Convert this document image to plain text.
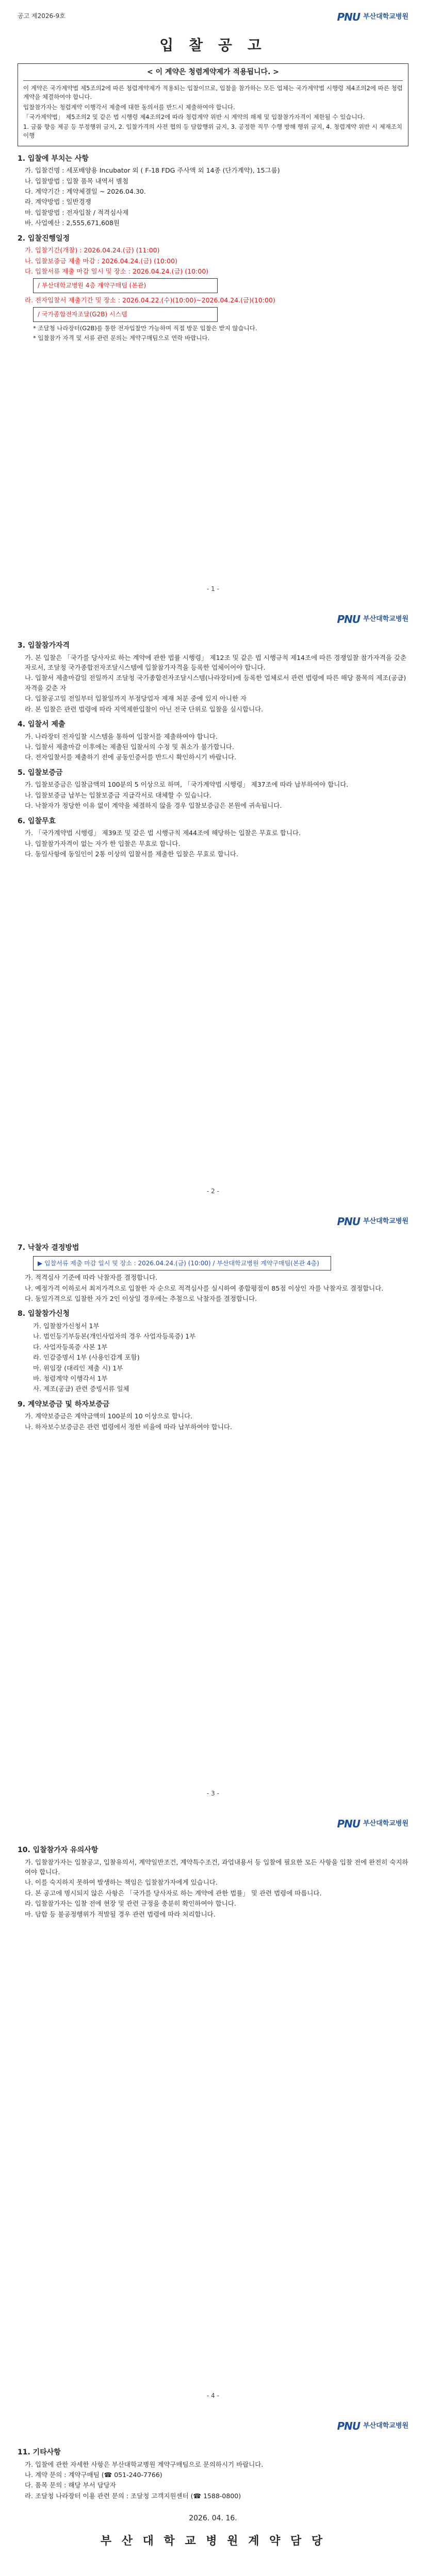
공고 제2026-9호	PNU 부산대학교병원
입 찰 공 고
< 이 계약은 청렴계약제가 적용됩니다. >

이 계약은 국가계약법 제5조의2에 따른 청렴계약제가 적용되는 입찰이므로, 입찰을 참가하는 모든 업체는 국가계약법 시행령 제4조의2에 따른 청렴계약을 체결하여야 합니다.

입찰참가자는 청렴계약 이행각서 제출에 대한 동의서를 반드시 제출하여야 합니다.

「국가계약법」 제5조의2 및 같은 법 시행령 제4조의2에 따라 청렴계약 위반 시 계약의 해제 및 입찰참가자격이 제한될 수 있습니다.

1. 금품 향응 제공 등 부정행위 금지, 2. 입찰가격의 사전 협의 등 담합행위 금지, 3. 공정한 직무 수행 방해 행위 금지, 4. 청렴계약 위반 시 제재조치 이행

1. 입찰에 부치는 사항
가. 입찰건명 : 세포배양용 Incubator 외 ( F-18 FDG 주사액 외 14종 (단가계약), 15그룹)
나. 입찰방법 : 입찰 품목 내역서 별첨
다. 계약기간 : 계약체결일 ~ 2026.04.30.
라. 계약방법 : 일반경쟁
마. 입찰방법 : 전자입찰 / 적격심사제
바. 사업예산 : 2,555,671,608원
2. 입찰진행일정
가. 입찰기간(개찰) : 2026.04.24.(금) (11:00)
나. 입찰보증금 제출 마감 : 2026.04.24.(금) (10:00)
다. 입찰서류 제출 마감 일시 및 장소 : 2026.04.24.(금) (10:00)
/ 부산대학교병원 4층 계약구매팀 (본관)
라. 전자입찰서 제출기간 및 장소 : 2026.04.22.(수)(10:00)~2026.04.24.(금)(10:00)
/ 국가종합전자조달(G2B) 시스템
* 조달청 나라장터(G2B)를 통한 전자입찰만 가능하며 직접 방문 입찰은 받지 않습니다.
* 입찰참가 자격 및 서류 관련 문의는 계약구매팀으로 연락 바랍니다.
- 1 -
PNU 부산대학교병원
3. 입찰참가자격
가. 본 입찰은 「국가를 당사자로 하는 계약에 관한 법률 시행령」 제12조 및 같은 법 시행규칙 제14조에 따른 경쟁입찰 참가자격을 갖춘 자로서, 조달청 국가종합전자조달시스템에 입찰참가자격을 등록한 업체이어야 합니다.
나. 입찰서 제출마감일 전일까지 조달청 국가종합전자조달시스템(나라장터)에 등록한 업체로서 관련 법령에 따른 해당 품목의 제조(공급) 자격을 갖춘 자
다. 입찰공고일 전일부터 입찰일까지 부정당업자 제재 처분 중에 있지 아니한 자
라. 본 입찰은 관련 법령에 따라 지역제한입찰이 아닌 전국 단위로 입찰을 실시합니다.
4. 입찰서 제출
가. 나라장터 전자입찰 시스템을 통하여 입찰서를 제출하여야 합니다.
나. 입찰서 제출마감 이후에는 제출된 입찰서의 수정 및 취소가 불가합니다.
다. 전자입찰서를 제출하기 전에 공동인증서를 반드시 확인하시기 바랍니다.
5. 입찰보증금
가. 입찰보증금은 입찰금액의 100분의 5 이상으로 하며, 「국가계약법 시행령」 제37조에 따라 납부하여야 합니다.
나. 입찰보증금 납부는 입찰보증금 지급각서로 대체할 수 있습니다.
다. 낙찰자가 정당한 이유 없이 계약을 체결하지 않을 경우 입찰보증금은 본원에 귀속됩니다.
6. 입찰무효
가. 「국가계약법 시행령」 제39조 및 같은 법 시행규칙 제44조에 해당하는 입찰은 무효로 합니다.
나. 입찰참가자격이 없는 자가 한 입찰은 무효로 합니다.
다. 동일사항에 동일인이 2통 이상의 입찰서를 제출한 입찰은 무효로 합니다.
- 2 -
PNU 부산대학교병원
7. 낙찰자 결정방법
▶ 입찰서류 제출 마감 일시 및 장소 : 2026.04.24.(금) (10:00) / 부산대학교병원 계약구매팀(본관 4층)
가. 적격심사 기준에 따라 낙찰자를 결정합니다.
나. 예정가격 이하로서 최저가격으로 입찰한 자 순으로 적격심사를 실시하여 종합평점이 85점 이상인 자를 낙찰자로 결정합니다.
다. 동일가격으로 입찰한 자가 2인 이상일 경우에는 추첨으로 낙찰자를 결정합니다.
8. 입찰참가신청
가. 입찰참가신청서 1부
나. 법인등기부등본(개인사업자의 경우 사업자등록증) 1부
다. 사업자등록증 사본 1부
라. 인감증명서 1부 (사용인감계 포함)
마. 위임장 (대리인 제출 시) 1부
바. 청렴계약 이행각서 1부
사. 제조(공급) 관련 증빙서류 일체
9. 계약보증금 및 하자보증금
가. 계약보증금은 계약금액의 100분의 10 이상으로 합니다.
나. 하자보수보증금은 관련 법령에서 정한 비율에 따라 납부하여야 합니다.
- 3 -
PNU 부산대학교병원
10. 입찰참가자 유의사항
가. 입찰참가자는 입찰공고, 입찰유의서, 계약일반조건, 계약특수조건, 과업내용서 등 입찰에 필요한 모든 사항을 입찰 전에 완전히 숙지하여야 합니다.
나. 이를 숙지하지 못하여 발생하는 책임은 입찰참가자에게 있습니다.
다. 본 공고에 명시되지 않은 사항은 「국가를 당사자로 하는 계약에 관한 법률」 및 관련 법령에 따릅니다.
라. 입찰참가자는 입찰 전에 현장 및 관련 규정을 충분히 확인하여야 합니다.
마. 담합 등 불공정행위가 적발될 경우 관련 법령에 따라 처리합니다.
- 4 -
PNU 부산대학교병원
11. 기타사항
가. 입찰에 관한 자세한 사항은 부산대학교병원 계약구매팀으로 문의하시기 바랍니다.
나. 계약 문의 : 계약구매팀 (☎ 051-240-7766)
다. 품목 문의 : 해당 부서 담당자
라. 조달청 나라장터 이용 관련 문의 : 조달청 고객지원센터 (☎ 1588-0800)
2026. 04. 16.
부 산 대 학 교 병 원 계 약 담 당
